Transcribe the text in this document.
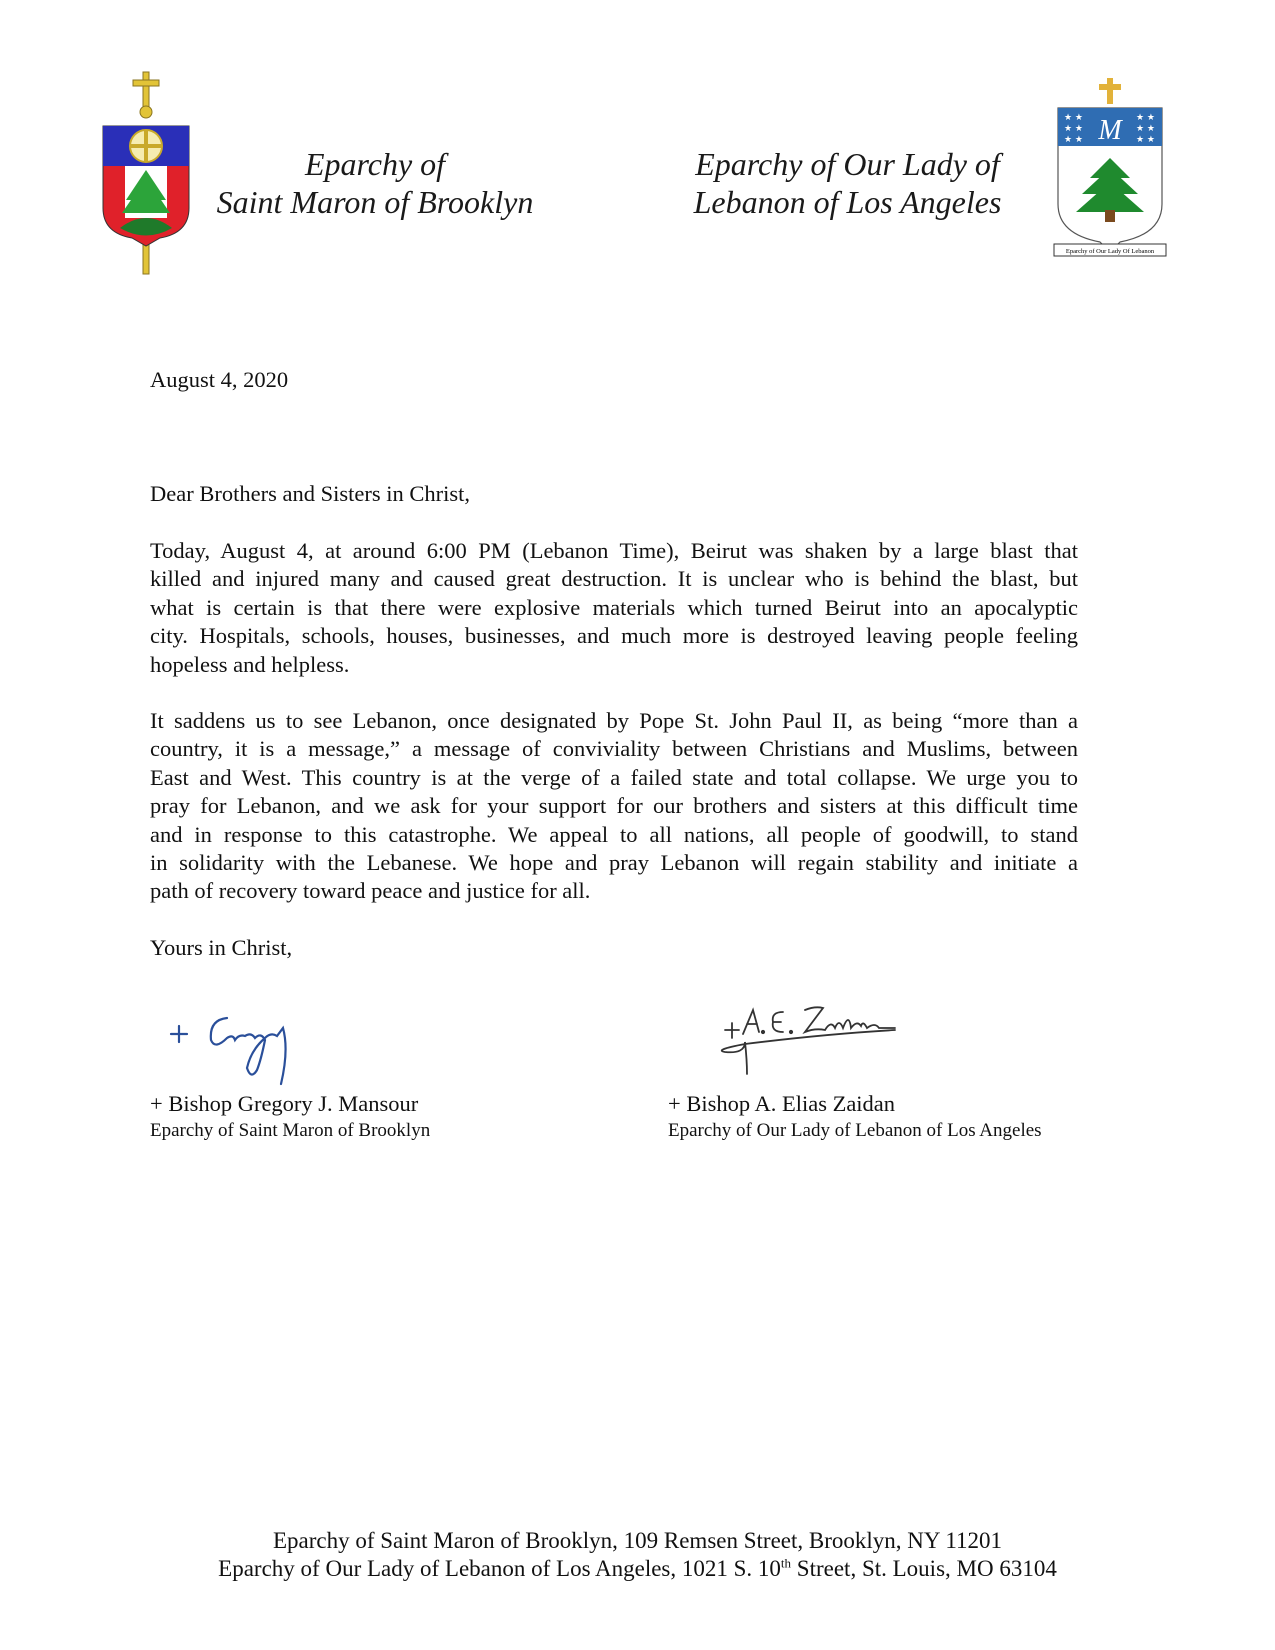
Eparchy of
Saint Maron of Brooklyn
Eparchy of Our Lady of
Lebanon of Los Angeles
★ ★
★ ★
★ ★
★ ★
★ ★
★ ★
M
Eparchy of Our Lady Of Lebanon
August 4, 2020
Dear Brothers and Sisters in Christ,
Today, August 4, at around 6:00 PM (Lebanon Time), Beirut was shaken by a large blast that
killed and injured many and caused great destruction. It is unclear who is behind the blast, but
what is certain is that there were explosive materials which turned Beirut into an apocalyptic
city. Hospitals, schools, houses, businesses, and much more is destroyed leaving people feeling
hopeless and helpless.
It saddens us to see Lebanon, once designated by Pope St. John Paul II, as being “more than a
country, it is a message,” a message of conviviality between Christians and Muslims, between
East and West. This country is at the verge of a failed state and total collapse. We urge you to
pray for Lebanon, and we ask for your support for our brothers and sisters at this difficult time
and in response to this catastrophe. We appeal to all nations, all people of goodwill, to stand
in solidarity with the Lebanese. We hope and pray Lebanon will regain stability and initiate a
path of recovery toward peace and justice for all.
Yours in Christ,
+ Bishop Gregory J. Mansour
Eparchy of Saint Maron of Brooklyn
+ Bishop A. Elias Zaidan
Eparchy of Our Lady of Lebanon of Los Angeles
Eparchy of Saint Maron of Brooklyn, 109 Remsen Street, Brooklyn, NY 11201
Eparchy of Our Lady of Lebanon of Los Angeles, 1021 S. 10th Street, St. Louis, MO 63104
